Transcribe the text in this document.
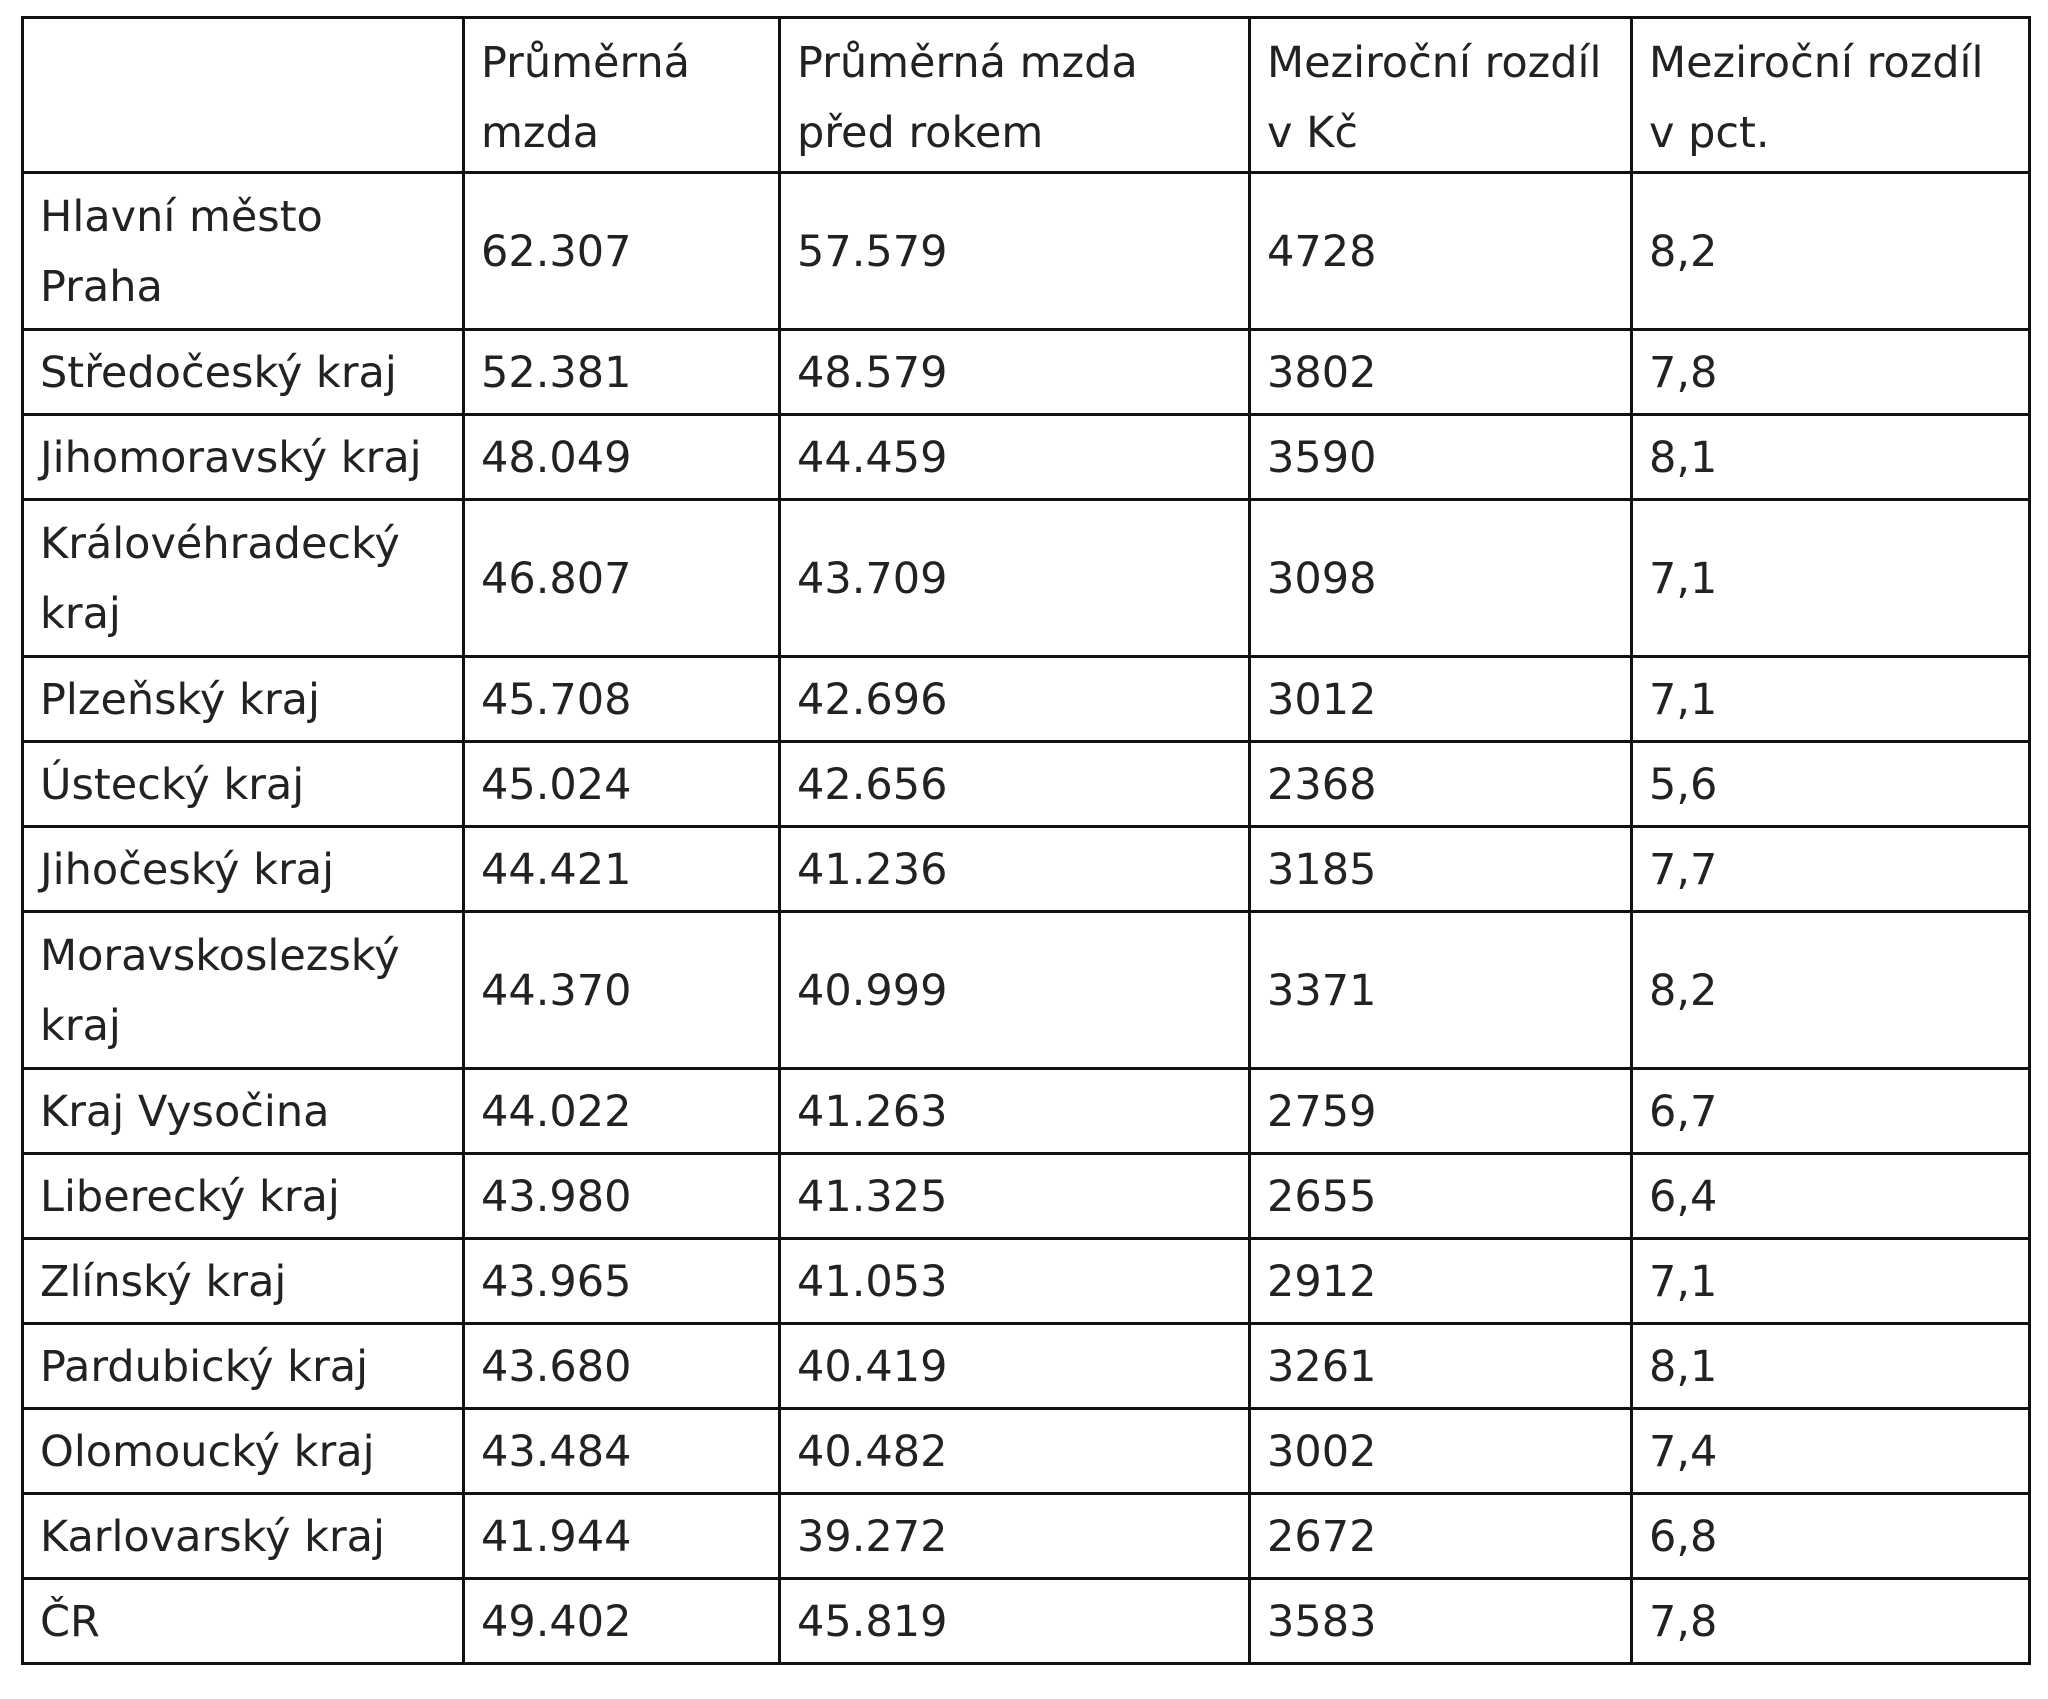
	Průměrná mzda	Průměrná mzda před rokem	Meziroční rozdíl v Kč	Meziroční rozdíl v pct.
Hlavní město Praha	62.307	57.579	4728	8,2
Středočeský kraj	52.381	48.579	3802	7,8
Jihomoravský kraj	48.049	44.459	3590	8,1
Královéhradecký kraj	46.807	43.709	3098	7,1
Plzeňský kraj	45.708	42.696	3012	7,1
Ústecký kraj	45.024	42.656	2368	5,6
Jihočeský kraj	44.421	41.236	3185	7,7
Moravskoslezský kraj	44.370	40.999	3371	8,2
Kraj Vysočina	44.022	41.263	2759	6,7
Liberecký kraj	43.980	41.325	2655	6,4
Zlínský kraj	43.965	41.053	2912	7,1
Pardubický kraj	43.680	40.419	3261	8,1
Olomoucký kraj	43.484	40.482	3002	7,4
Karlovarský kraj	41.944	39.272	2672	6,8
ČR	49.402	45.819	3583	7,8
